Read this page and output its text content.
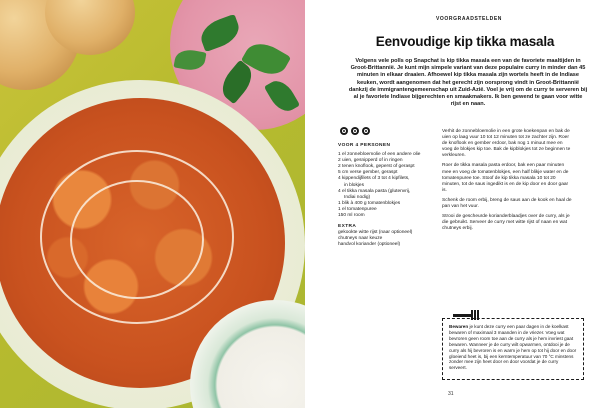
VOORGRAADSTELDEN
Eenvoudige kip tikka masala
Volgens vele polls op Snapchat is kip tikka masala een van de favoriete maaltijden in Groot-Brittannië. Je kunt mijn simpele variant van deze populaire curry in minder dan 45 minuten in elkaar draaien. Afhoewel kip tikka masala zijn wortels heeft in de Indiase keuken, wordt aangenomen dat het gerecht zijn oorsprong vindt in Groot-Brittannië dankzij de immigrantengemeenschap uit Zuid-Azië. Voel je vrij om de curry te serveren bij al je favoriete Indiase bijgerechten en smaakmakers. Ik ben gewend te gaan voor witte rijst en naan.
VOOR 4 PERSONEN
1 el zonnebloemolie of een andere olie
2 uien, gesnipperd of in ringen
2 tenen knoflook, geperst of geraspt
5 cm verse gember, geraspt
4 kippendijfilets of 3 tot 4 kipfilets,
in blokjes
4 el tikka masala pasta (glutenvrij,
Indiai nodig)
1 blik à 400 g tomatenblokjes
1 el tomatenpuree
150 ml room
EXTRA
gekookte witte rijst (naar optioneel)
chutneys naar keuze
handvol koriander (optioneel)

Verhit de zonnebloemolie in een grote koekenpan en bak de uien op laag vuur 10 tot 12 minuten tot ze zachter zijn. Roer de knoflook en gember erdoor, bak nog 1 minuut mee en voeg de blokjes kip toe. Bak de kipblokjes tot ze beginnen te verkleuren.

Roer de tikka masala pasta erdoor, bak een paar minuten mee en voeg de tomatenblokjes, een half blikje water en de tomatenpuree toe. Stoof de kip tikka masala 10 tot 20 minuten, tot de saus ingedikt is en de kip door en door gaar is.

Schenk de room erbij, breng de saus aan de kook en haal de pan van het vuur.

Strooi de gescheurde korianderblaadjes over de curry, als je die gebruikt. Serveer de curry met witte rijst of naan en wat chutneys erbij.

Bewaren je kunt deze curry een paar dagen in de koelkast bewaren of maximaal 3 maanden in de vriezer. Voeg wat bevroren geen room toe aan de curry als je hem invriest gaat bewaren. Wanneer je de curry wilt opwarmen, ontdooi je de curry als hij bevroren is en warm je hem op tot hij door en door gloeiend heet is, bij een kerntemperatuur van 70 °C minstens zonder mee zijn heet door en door voordat je de curry serveert.
31
